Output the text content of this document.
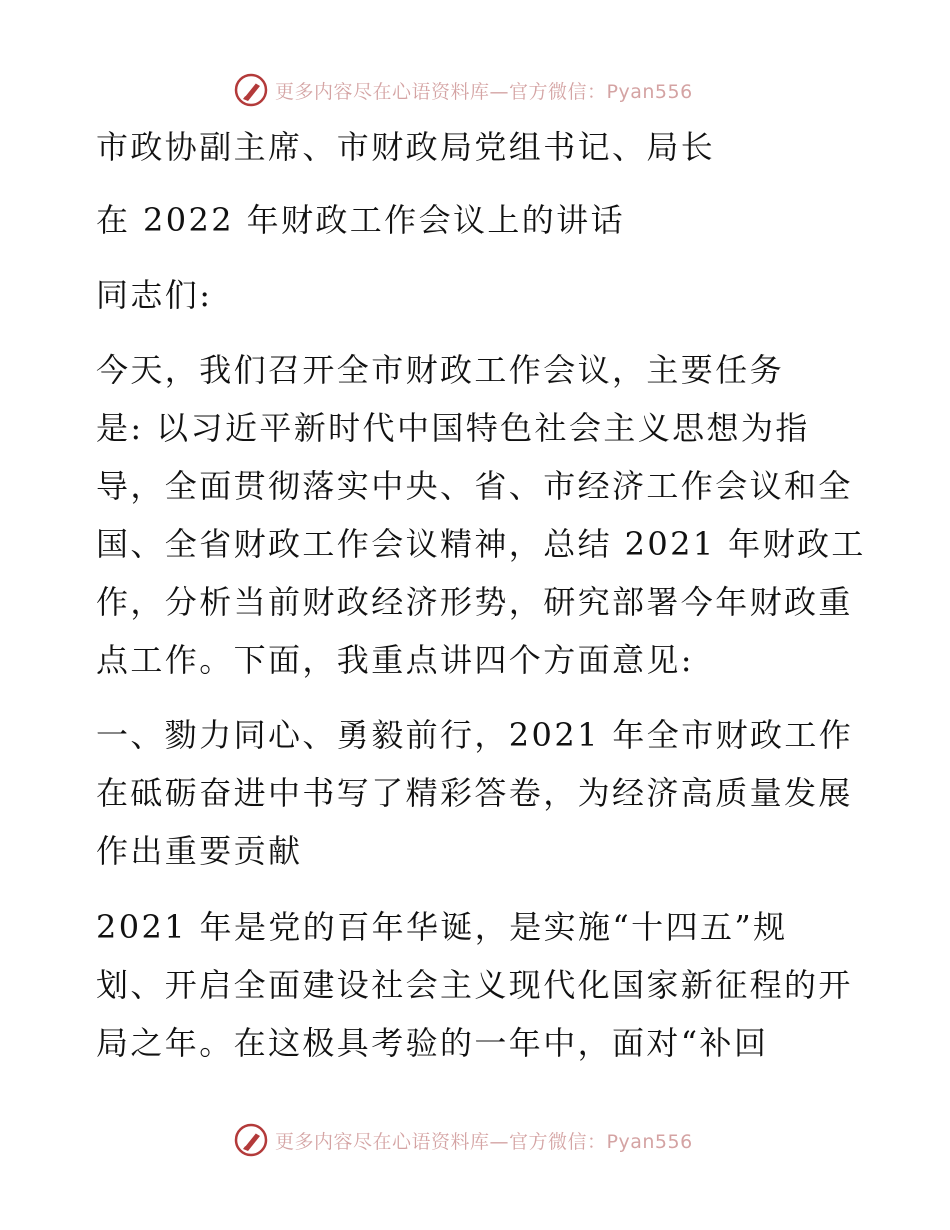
更多内容尽在心语资料库—官方微信：Pyan556
市政协副主席、市财政局党组书记、局长
在 2022 年财政工作会议上的讲话
同志们:
今天，我们召开全市财政工作会议，主要任务
是: 以习近平新时代中国特色社会主义思想为指
导，全面贯彻落实中央、省、市经济工作会议和全
国、全省财政工作会议精神，总结 2021 年财政工
作，分析当前财政经济形势，研究部署今年财政重
点工作。下面，我重点讲四个方面意见:
一、勠力同心、勇毅前行，2021 年全市财政工作
在砥砺奋进中书写了精彩答卷，为经济高质量发展
作出重要贡献
2021 年是党的百年华诞，是实施“十四五”规
划、开启全面建设社会主义现代化国家新征程的开
局之年。在这极具考验的一年中，面对“补回
更多内容尽在心语资料库—官方微信：Pyan556
